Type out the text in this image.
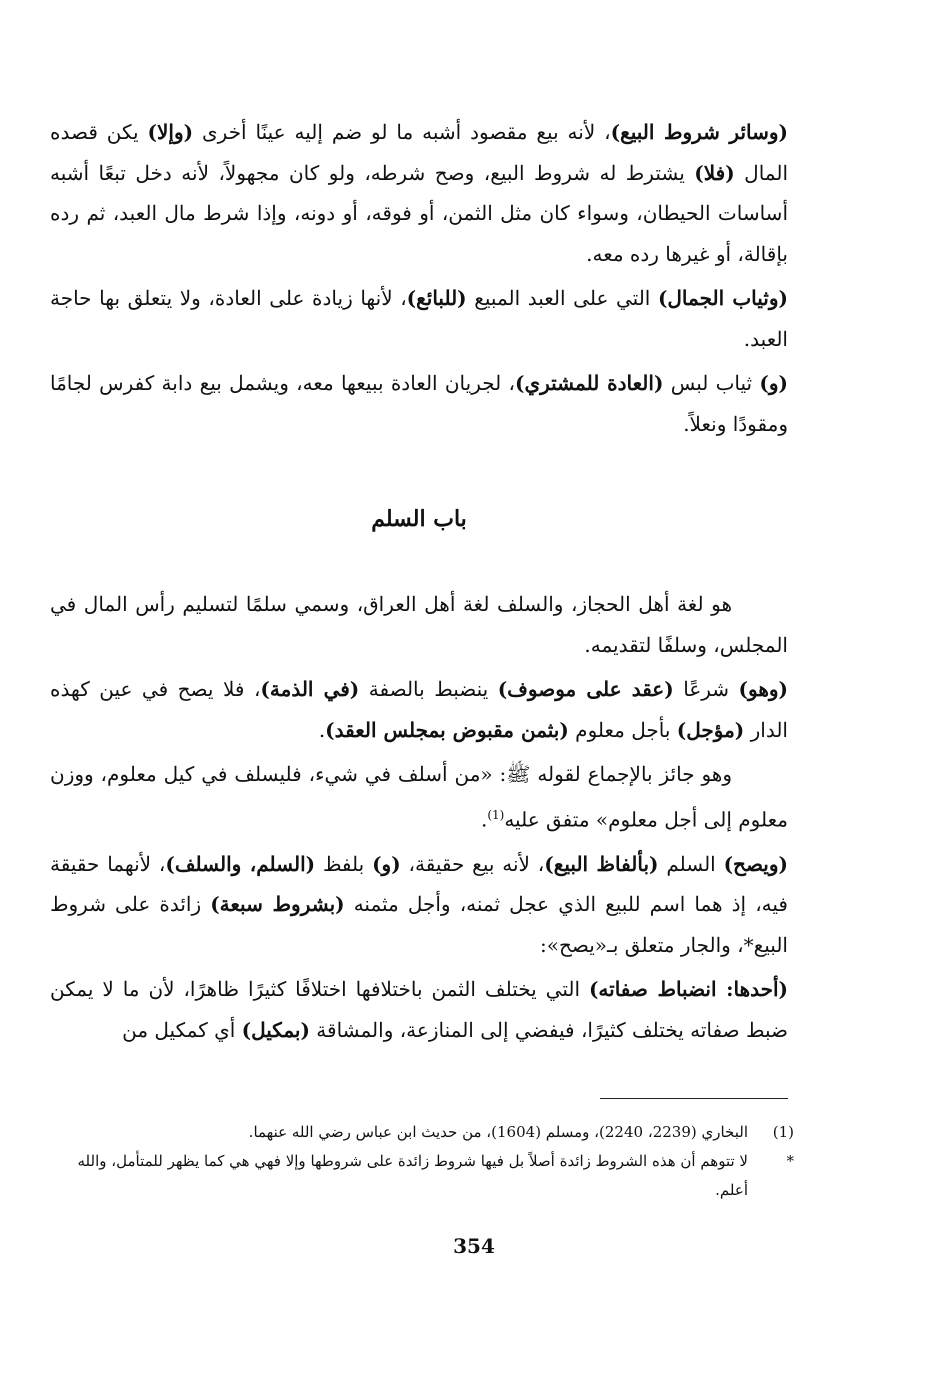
(وسائر شروط البيع)، لأنه بيع مقصود أشبه ما لو ضم إليه عينًا أخرى (وإلا) يكن قصده المال (فلا) يشترط له شروط البيع، وصح شرطه، ولو كان مجهولاً، لأنه دخل تبعًا أشبه أساسات الحيطان، وسواء كان مثل الثمن، أو فوقه، أو دونه، وإذا شرط مال العبد، ثم رده بإقالة، أو غيرها رده معه.

(وثياب الجمال) التي على العبد المبيع (للبائع)، لأنها زيادة على العادة، ولا يتعلق بها حاجة العبد.

(و) ثياب لبس (العادة للمشتري)، لجريان العادة ببيعها معه، ويشمل بيع دابة كفرس لجامًا ومقودًا ونعلاً.

باب السلم

هو لغة أهل الحجاز، والسلف لغة أهل العراق، وسمي سلمًا لتسليم رأس المال في المجلس، وسلفًا لتقديمه.

(وهو) شرعًا (عقد على موصوف) ينضبط بالصفة (في الذمة)، فلا يصح في عين كهذه الدار (مؤجل) بأجل معلوم (بثمن مقبوض بمجلس العقد).

وهو جائز بالإجماع لقوله ﷺ: «من أسلف في شيء، فليسلف في كيل معلوم، ووزن معلوم إلى أجل معلوم» متفق عليه$^{(1)}$.

(ويصح) السلم (بألفاظ البيع)، لأنه بيع حقيقة، (و) بلفظ (السلم، والسلف)، لأنهما حقيقة فيه، إذ هما اسم للبيع الذي عجل ثمنه، وأجل مثمنه (بشروط سبعة) زائدة على شروط البيع*، والجار متعلق بـ«يصح»:

(أحدها: انضباط صفاته) التي يختلف الثمن باختلافها اختلافًا كثيرًا ظاهرًا، لأن ما لا يمكن ضبط صفاته يختلف كثيرًا، فيفضي إلى المنازعة، والمشاقة (بمكيل) أي كمكيل من

(1)
البخاري (2239، 2240)، ومسلم (1604)، من حديث ابن عباس رضي الله عنهما.
*
لا تتوهم أن هذه الشروط زائدة أصلاً بل فيها شروط زائدة على شروطها وإلا فهي هي كما يظهر للمتأمل، والله أعلم.
354
